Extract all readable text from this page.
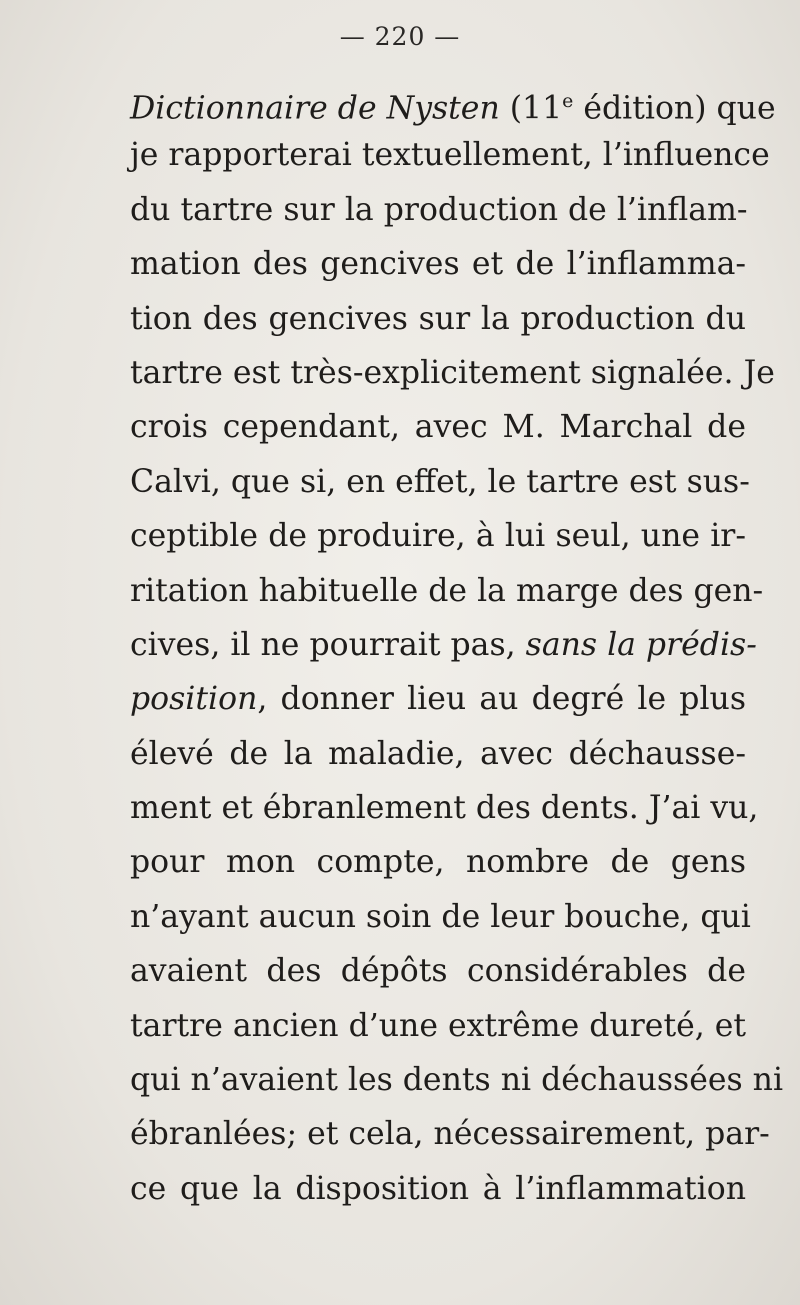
— 220 —
Dictionnaire de Nysten (11e édition) que
je rapporterai textuellement, l’influence
du tartre sur la production de l’inflam-
mation des gencives et de l’inflamma-
tion des gencives sur la production du
tartre est très-explicitement signalée. Je
crois cependant, avec M. Marchal de
Calvi, que si, en effet, le tartre est sus-
ceptible de produire, à lui seul, une ir-
ritation habituelle de la marge des gen-
cives, il ne pourrait pas, sans la prédis-
position, donner lieu au degré le plus
élevé de la maladie, avec déchausse-
ment et ébranlement des dents. J’ai vu,
pour mon compte, nombre de gens
n’ayant aucun soin de leur bouche, qui
avaient des dépôts considérables de
tartre ancien d’une extrême dureté, et
qui n’avaient les dents ni déchaussées ni
ébranlées; et cela, nécessairement, par-
ce que la disposition à l’inflammation
